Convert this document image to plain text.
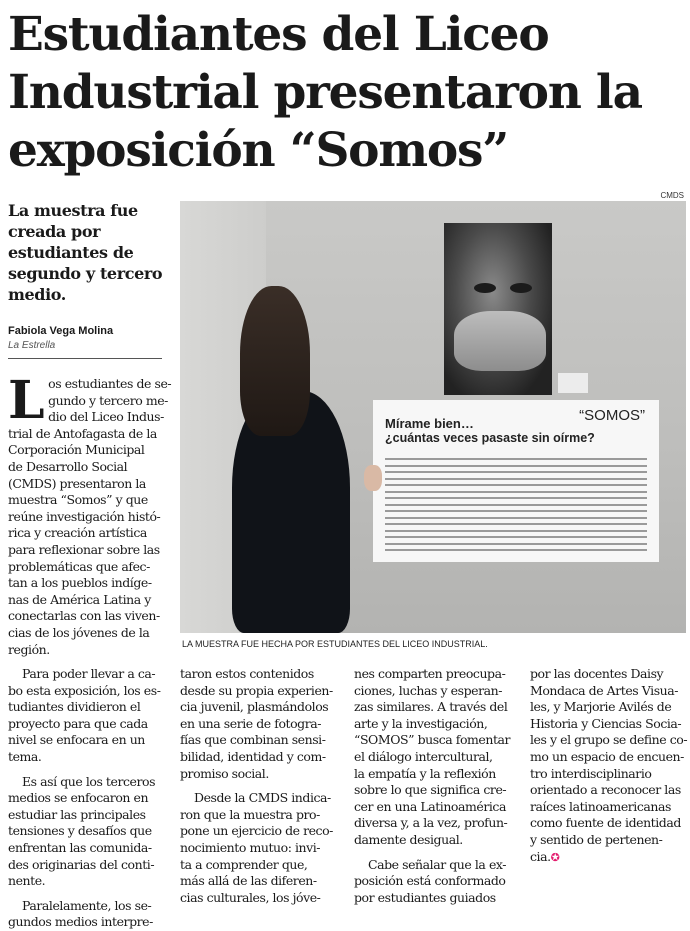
Estudiantes del Liceo
Industrial presentaron la
exposición “Somos”
CMDS
La muestra fue
creada por
estudiantes de
segundo y tercero
medio.
Fabiola Vega Molina
La Estrella
“SOMOS”
Mírame bien…
¿cuántas veces pasaste sin oírme?
LA MUESTRA FUE HECHA POR ESTUDIANTES DEL LICEO INDUSTRIAL.

L os estudiantes de se-
gundo y tercero me-
dio del Liceo Indus-
trial de Antofagasta de la
Corporación Municipal
de Desarrollo Social
(CMDS) presentaron la
muestra “Somos” y que
reúne investigación histó-
rica y creación artística
para reflexionar sobre las
problemáticas que afec-
tan a los pueblos indíge-
nas de América Latina y
conectarlas con las viven-
cias de los jóvenes de la
región.

Para poder llevar a ca-
bo esta exposición, los es-
tudiantes dividieron el
proyecto para que cada
nivel se enfocara en un
tema.

Es así que los terceros
medios se enfocaron en
estudiar las principales
tensiones y desafíos que
enfrentan las comunida-
des originarias del conti-
nente.

Paralelamente, los se-
gundos medios interpre-

taron estos contenidos
desde su propia experien-
cia juvenil, plasmándolos
en una serie de fotogra-
fías que combinan sensi-
bilidad, identidad y com-
promiso social.

Desde la CMDS indica-
ron que la muestra pro-
pone un ejercicio de reco-
nocimiento mutuo: invi-
ta a comprender que,
más allá de las diferen-
cias culturales, los jóve-

nes comparten preocupa-
ciones, luchas y esperan-
zas similares. A través del
arte y la investigación,
“SOMOS” busca fomentar
el diálogo intercultural,
la empatía y la reflexión
sobre lo que significa cre-
cer en una Latinoamérica
diversa y, a la vez, profun-
damente desigual.

Cabe señalar que la ex-
posición está conformado
por estudiantes guiados

por las docentes Daisy
Mondaca de Artes Visua-
les, y Marjorie Avilés de
Historia y Ciencias Socia-
les y el grupo se define co-
mo un espacio de encuen-
tro interdisciplinario
orientado a reconocer las
raíces latinoamericanas
como fuente de identidad
y sentido de pertenen-
cia.✪
